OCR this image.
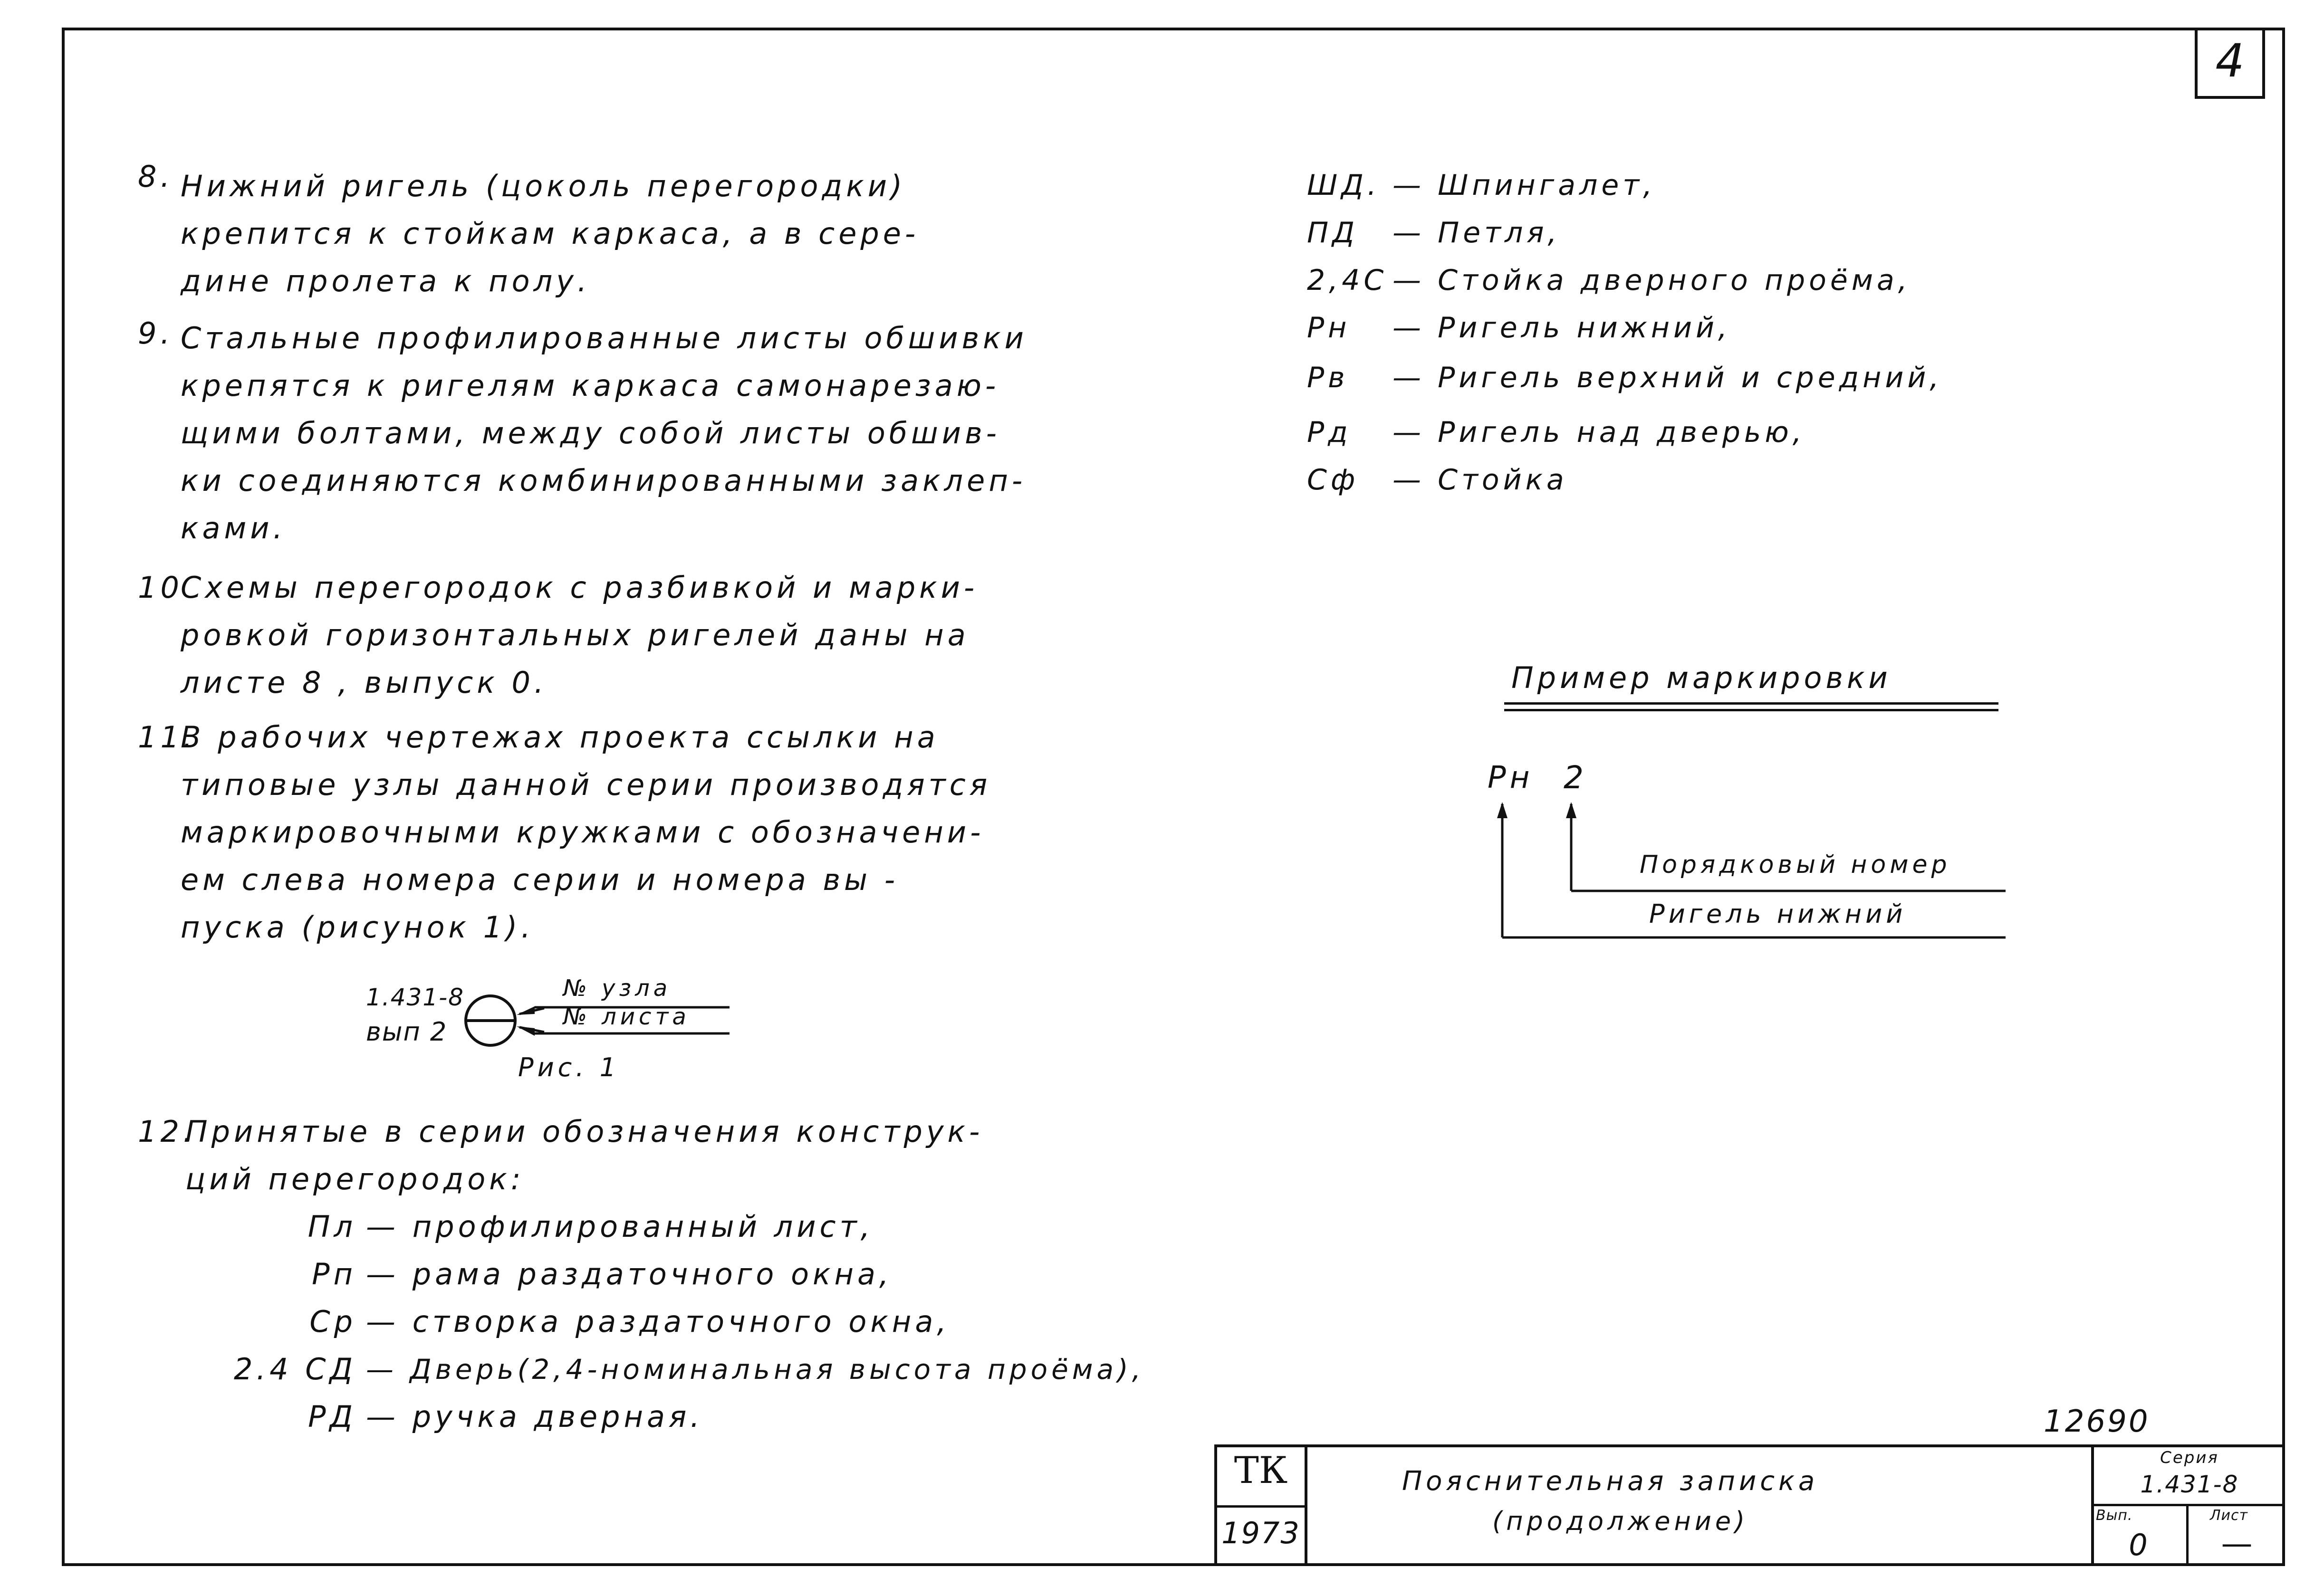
4
8. Нижний ригель (цоколь перегородки)
крепится к стойкам каркаса, а в сере-
дине пролета к полу.
9. Стальные профилированные листы обшивки
крепятся к ригелям каркаса самонарезаю-
щими болтами, между собой листы обшив-
ки соединяются комбинированными заклеп-
ками.
10
Схемы перегородок с разбивкой и марки-
ровкой горизонтальных ригелей даны на
листе 8 , выпуск 0.
11.
В рабочих чертежах проекта ссылки на
типовые узлы данной серии производятся
маркировочными кружками с обозначени-
ем слева номера серии и номера вы -
пуска (рисунок 1).
1.431-8
вып 2
№ узла
№ листа
Рис. 1
12.
Принятые в серии обозначения конструк-
ций перегородок:
Пл — профилированный лист,
Рп — рама раздаточного окна,
Ср — створка раздаточного окна,
2.4 СД — Дверь(2,4-номинальная высота проёма),
РД — ручка дверная.
ШД. — Шпингалет,
ПД — Петля,
2,4С — Стойка дверного проёма,
Рн — Ригель нижний,
Рв — Ригель верхний и средний,
Рд — Ригель над дверью,
Сф — Стойка
Пример маркировки
Рн 2
Порядковый номер
Ригель нижний
12690
ТК
1973
Пояснительная записка
(продолжение)
Серия
1.431-8
Вып.	Лист
0	—
